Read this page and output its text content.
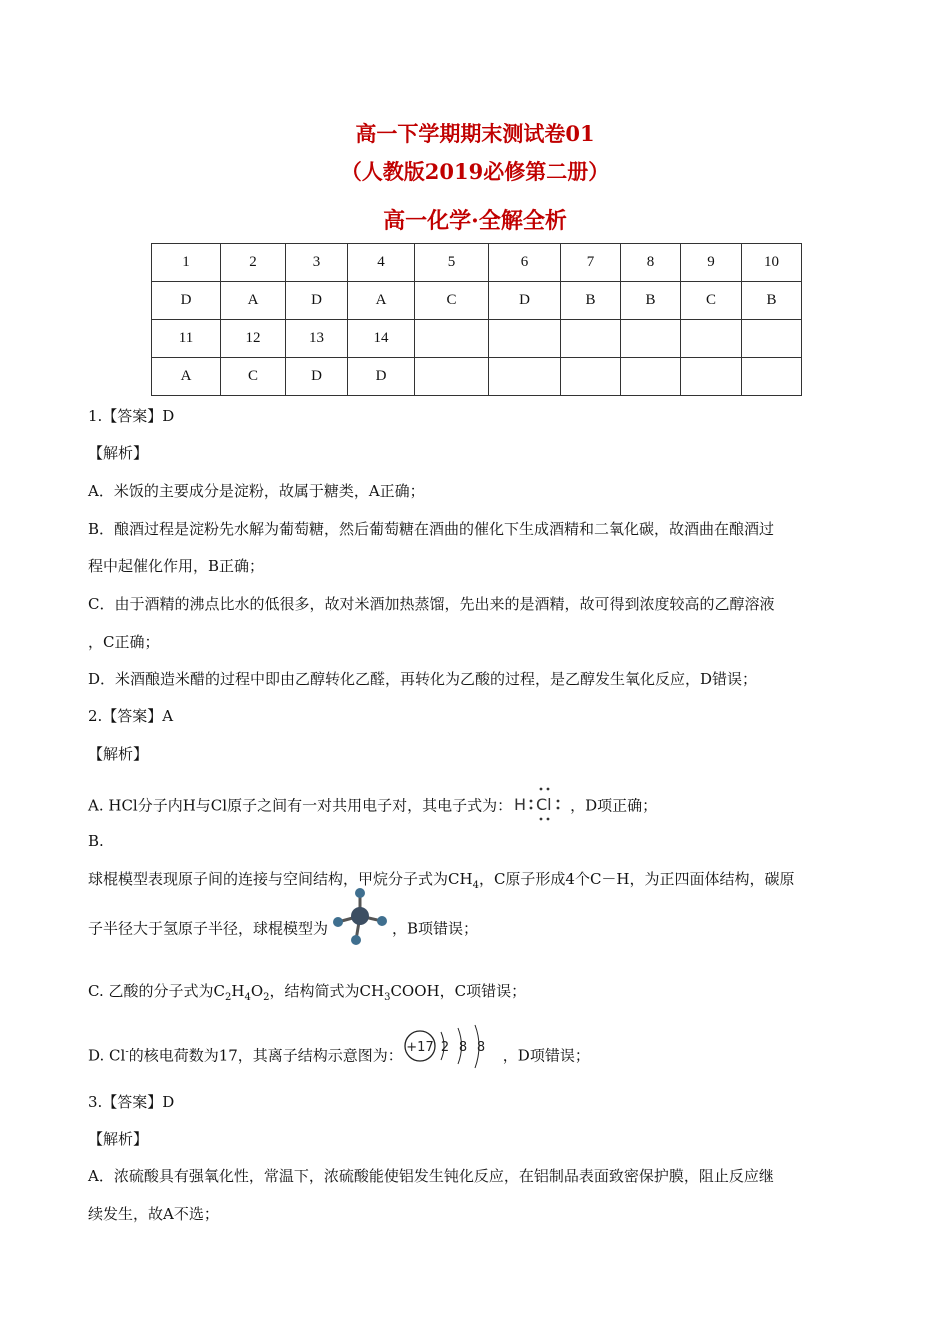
高一下学期期末测试卷01
（人教版2019必修第二册）
高一化学·全解全析
1	2	3	4	5	6	7	8	9	10
D	A	D	A	C	D	B	B	C	B
11	12	13	14						
A	C	D	D						
1.【答案】D
【解析】
A．米饭的主要成分是淀粉，故属于糖类，A正确；
B．酿酒过程是淀粉先水解为葡萄糖，然后葡萄糖在酒曲的催化下生成酒精和二氧化碳，故酒曲在酿酒过
程中起催化作用，B正确；
C．由于酒精的沸点比水的低很多，故对米酒加热蒸馏，先出来的是酒精，故可得到浓度较高的乙醇溶液
，C正确；
D．米酒酿造米醋的过程中即由乙醇转化乙醛，再转化为乙酸的过程，是乙醇发生氧化反应，D错误；
2.【答案】A
【解析】
A. HCl分子内H与Cl原子之间有一对共用电子对，其电子式为： H Cl ，D项正确；
B.
球棍模型表现原子间的连接与空间结构，甲烷分子式为$CH_4$，C原子形成4个C－H，为正四面体结构，碳原
子半径大于氢原子半径，球棍模型为	，B项错误；
C. 乙酸的分子式为$C_2H_4O_2$，结构简式为$CH_3COOH$，C项错误；
D. Cl-的核电荷数为17，其离子结构示意图为： +17 2 8 8 ，D项错误；
3.【答案】D
【解析】
A．浓硫酸具有强氧化性，常温下，浓硫酸能使铝发生钝化反应，在铝制品表面致密保护膜，阻止反应继
续发生，故A不选；
